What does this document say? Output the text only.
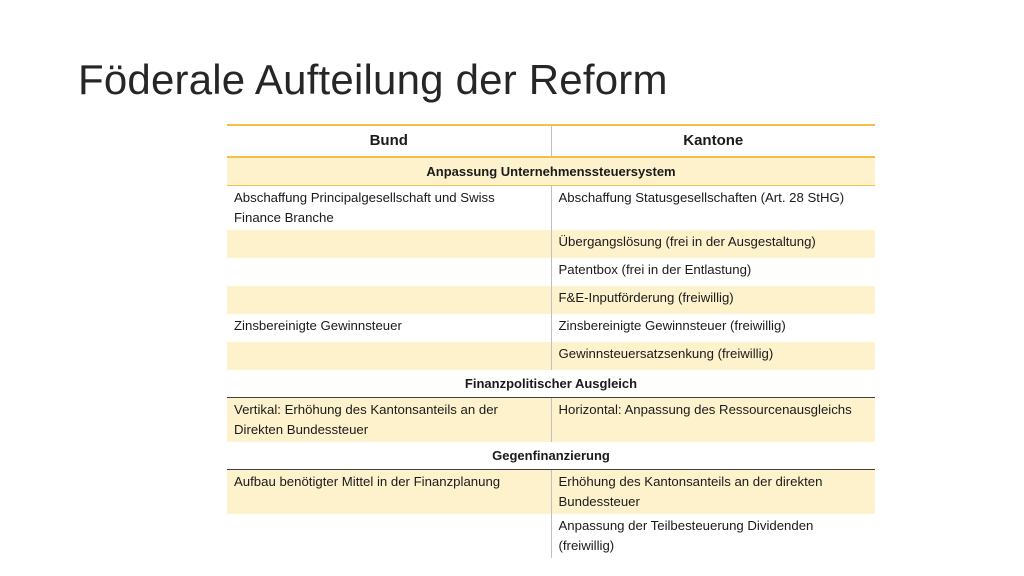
Föderale Aufteilung der Reform
Bund	Kantone
Anpassung Unternehmenssteuersystem	
Abschaffung Principalgesellschaft und Swiss Finance Branche	Abschaffung Statusgesellschaften (Art. 28 StHG)
	Übergangslösung (frei in der Ausgestaltung)
	Patentbox (frei in der Entlastung)
	F&E-Inputförderung (freiwillig)
Zinsbereinigte Gewinnsteuer	Zinsbereinigte Gewinnsteuer (freiwillig)
	Gewinnsteuersatzsenkung (freiwillig)
Finanzpolitischer Ausgleich	
Vertikal: Erhöhung des Kantonsanteils an der Direkten Bundessteuer	Horizontal: Anpassung des Ressourcenausgleichs
Gegenfinanzierung	
Aufbau benötigter Mittel in der Finanzplanung	Erhöhung des Kantonsanteils an der direkten Bundessteuer
	Anpassung der Teilbesteuerung Dividenden (freiwillig)
